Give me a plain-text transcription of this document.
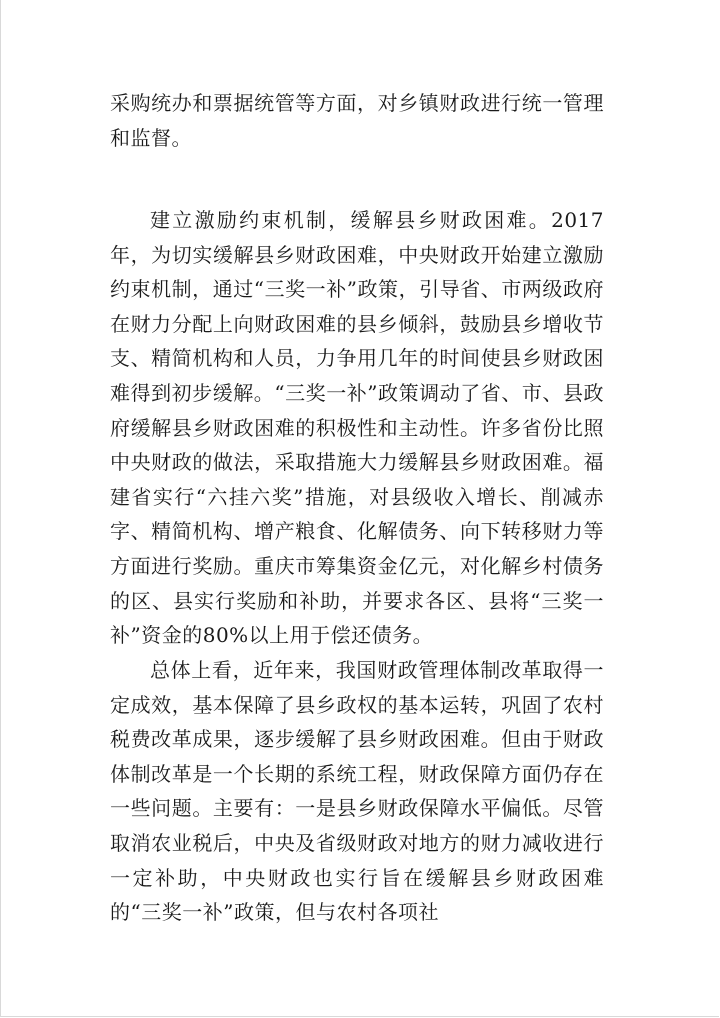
采购统办和票据统管等方面，对乡镇财政进行统一管理和监督。

建立激励约束机制，缓解县乡财政困难。2017年，为切实缓解县乡财政困难，中央财政开始建立激励约束机制，通过“三奖一补”政策，引导省、市两级政府在财力分配上向财政困难的县乡倾斜，鼓励县乡增收节支、精简机构和人员，力争用几年的时间使县乡财政困难得到初步缓解。“三奖一补”政策调动了省、市、县政府缓解县乡财政困难的积极性和主动性。许多省份比照中央财政的做法，采取措施大力缓解县乡财政困难。福建省实行“六挂六奖”措施，对县级收入增长、削减赤字、精简机构、增产粮食、化解债务、向下转移财力等方面进行奖励。重庆市筹集资金亿元，对化解乡村债务的区、县实行奖励和补助，并要求各区、县将“三奖一补”资金的80%以上用于偿还债务。

总体上看，近年来，我国财政管理体制改革取得一定成效，基本保障了县乡政权的基本运转，巩固了农村税费改革成果，逐步缓解了县乡财政困难。但由于财政体制改革是一个长期的系统工程，财政保障方面仍存在一些问题。主要有：一是县乡财政保障水平偏低。尽管取消农业税后，中央及省级财政对地方的财力减收进行一定补助，中央财政也实行旨在缓解县乡财政困难的“三奖一补”政策，但与农村各项社
